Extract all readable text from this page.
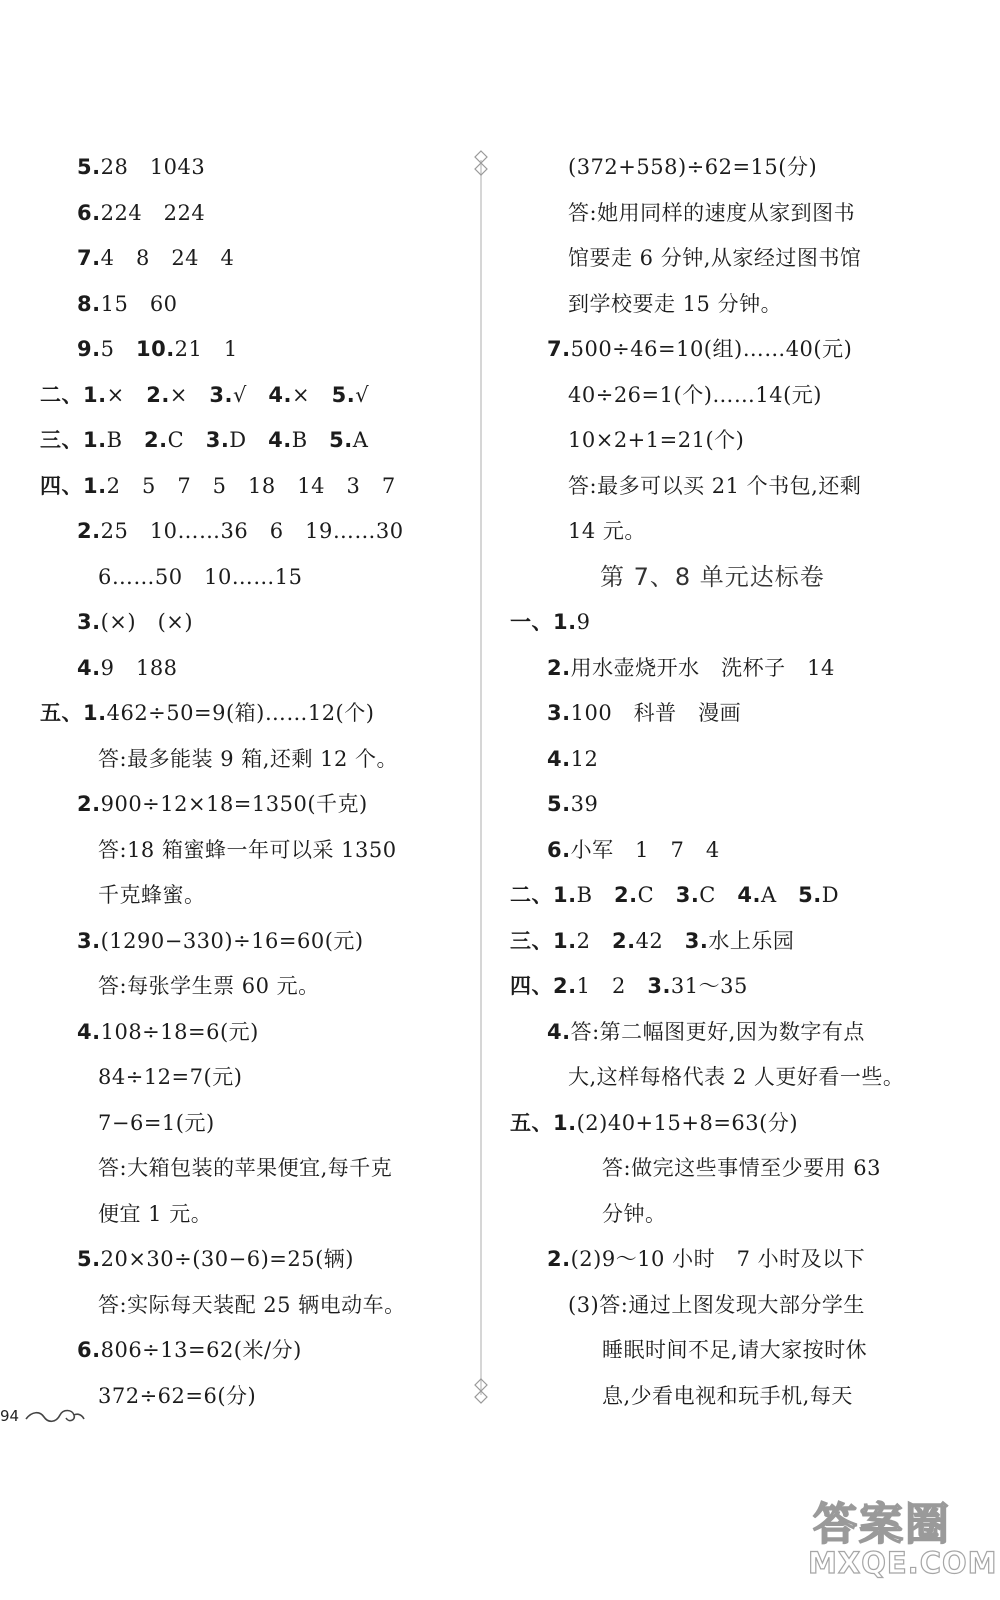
5.28　1043
6.224　224
7.4　8　24　4
8.15　60
9.5　10.21　1
二、1.×　2.×　3.√　4.×　5.√
三、1.B　2.C　3.D　4.B　5.A
四、1.2　5　7　5　18　14　3　7
2.25　10……36　6　19……30
6……50　10……15
3.(×)　(×)
4.9　188
五、1.462÷50=9(箱)……12(个)
答:最多能装 9 箱,还剩 12 个。
2.900÷12×18=1350(千克)
答:18 箱蜜蜂一年可以采 1350
千克蜂蜜。
3.(1290−330)÷16=60(元)
答:每张学生票 60 元。
4.108÷18=6(元)
84÷12=7(元)
7−6=1(元)
答:大箱包装的苹果便宜,每千克
便宜 1 元。
5.20×30÷(30−6)=25(辆)
答:实际每天装配 25 辆电动车。
6.806÷13=62(米/分)
372÷62=6(分)
(372+558)÷62=15(分)
答:她用同样的速度从家到图书
馆要走 6 分钟,从家经过图书馆
到学校要走 15 分钟。
7.500÷46=10(组)……40(元)
40÷26=1(个)……14(元)
10×2+1=21(个)
答:最多可以买 21 个书包,还剩
14 元。
第 7、8 单元达标卷
一、1.9
2.用水壶烧开水　洗杯子　14
3.100　科普　漫画
4.12
5.39
6.小军　1　7　4
二、1.B　2.C　3.C　4.A　5.D
三、1.2　2.42　3.水上乐园
四、2.1　2　3.31～35
4.答:第二幅图更好,因为数字有点
大,这样每格代表 2 人更好看一些。
五、1.(2)40+15+8=63(分)
答:做完这些事情至少要用 63
分钟。
2.(2)9～10 小时　7 小时及以下
(3)答:通过上图发现大部分学生
睡眠时间不足,请大家按时休
息,少看电视和玩手机,每天
94
答案圈
MXQE.COM
